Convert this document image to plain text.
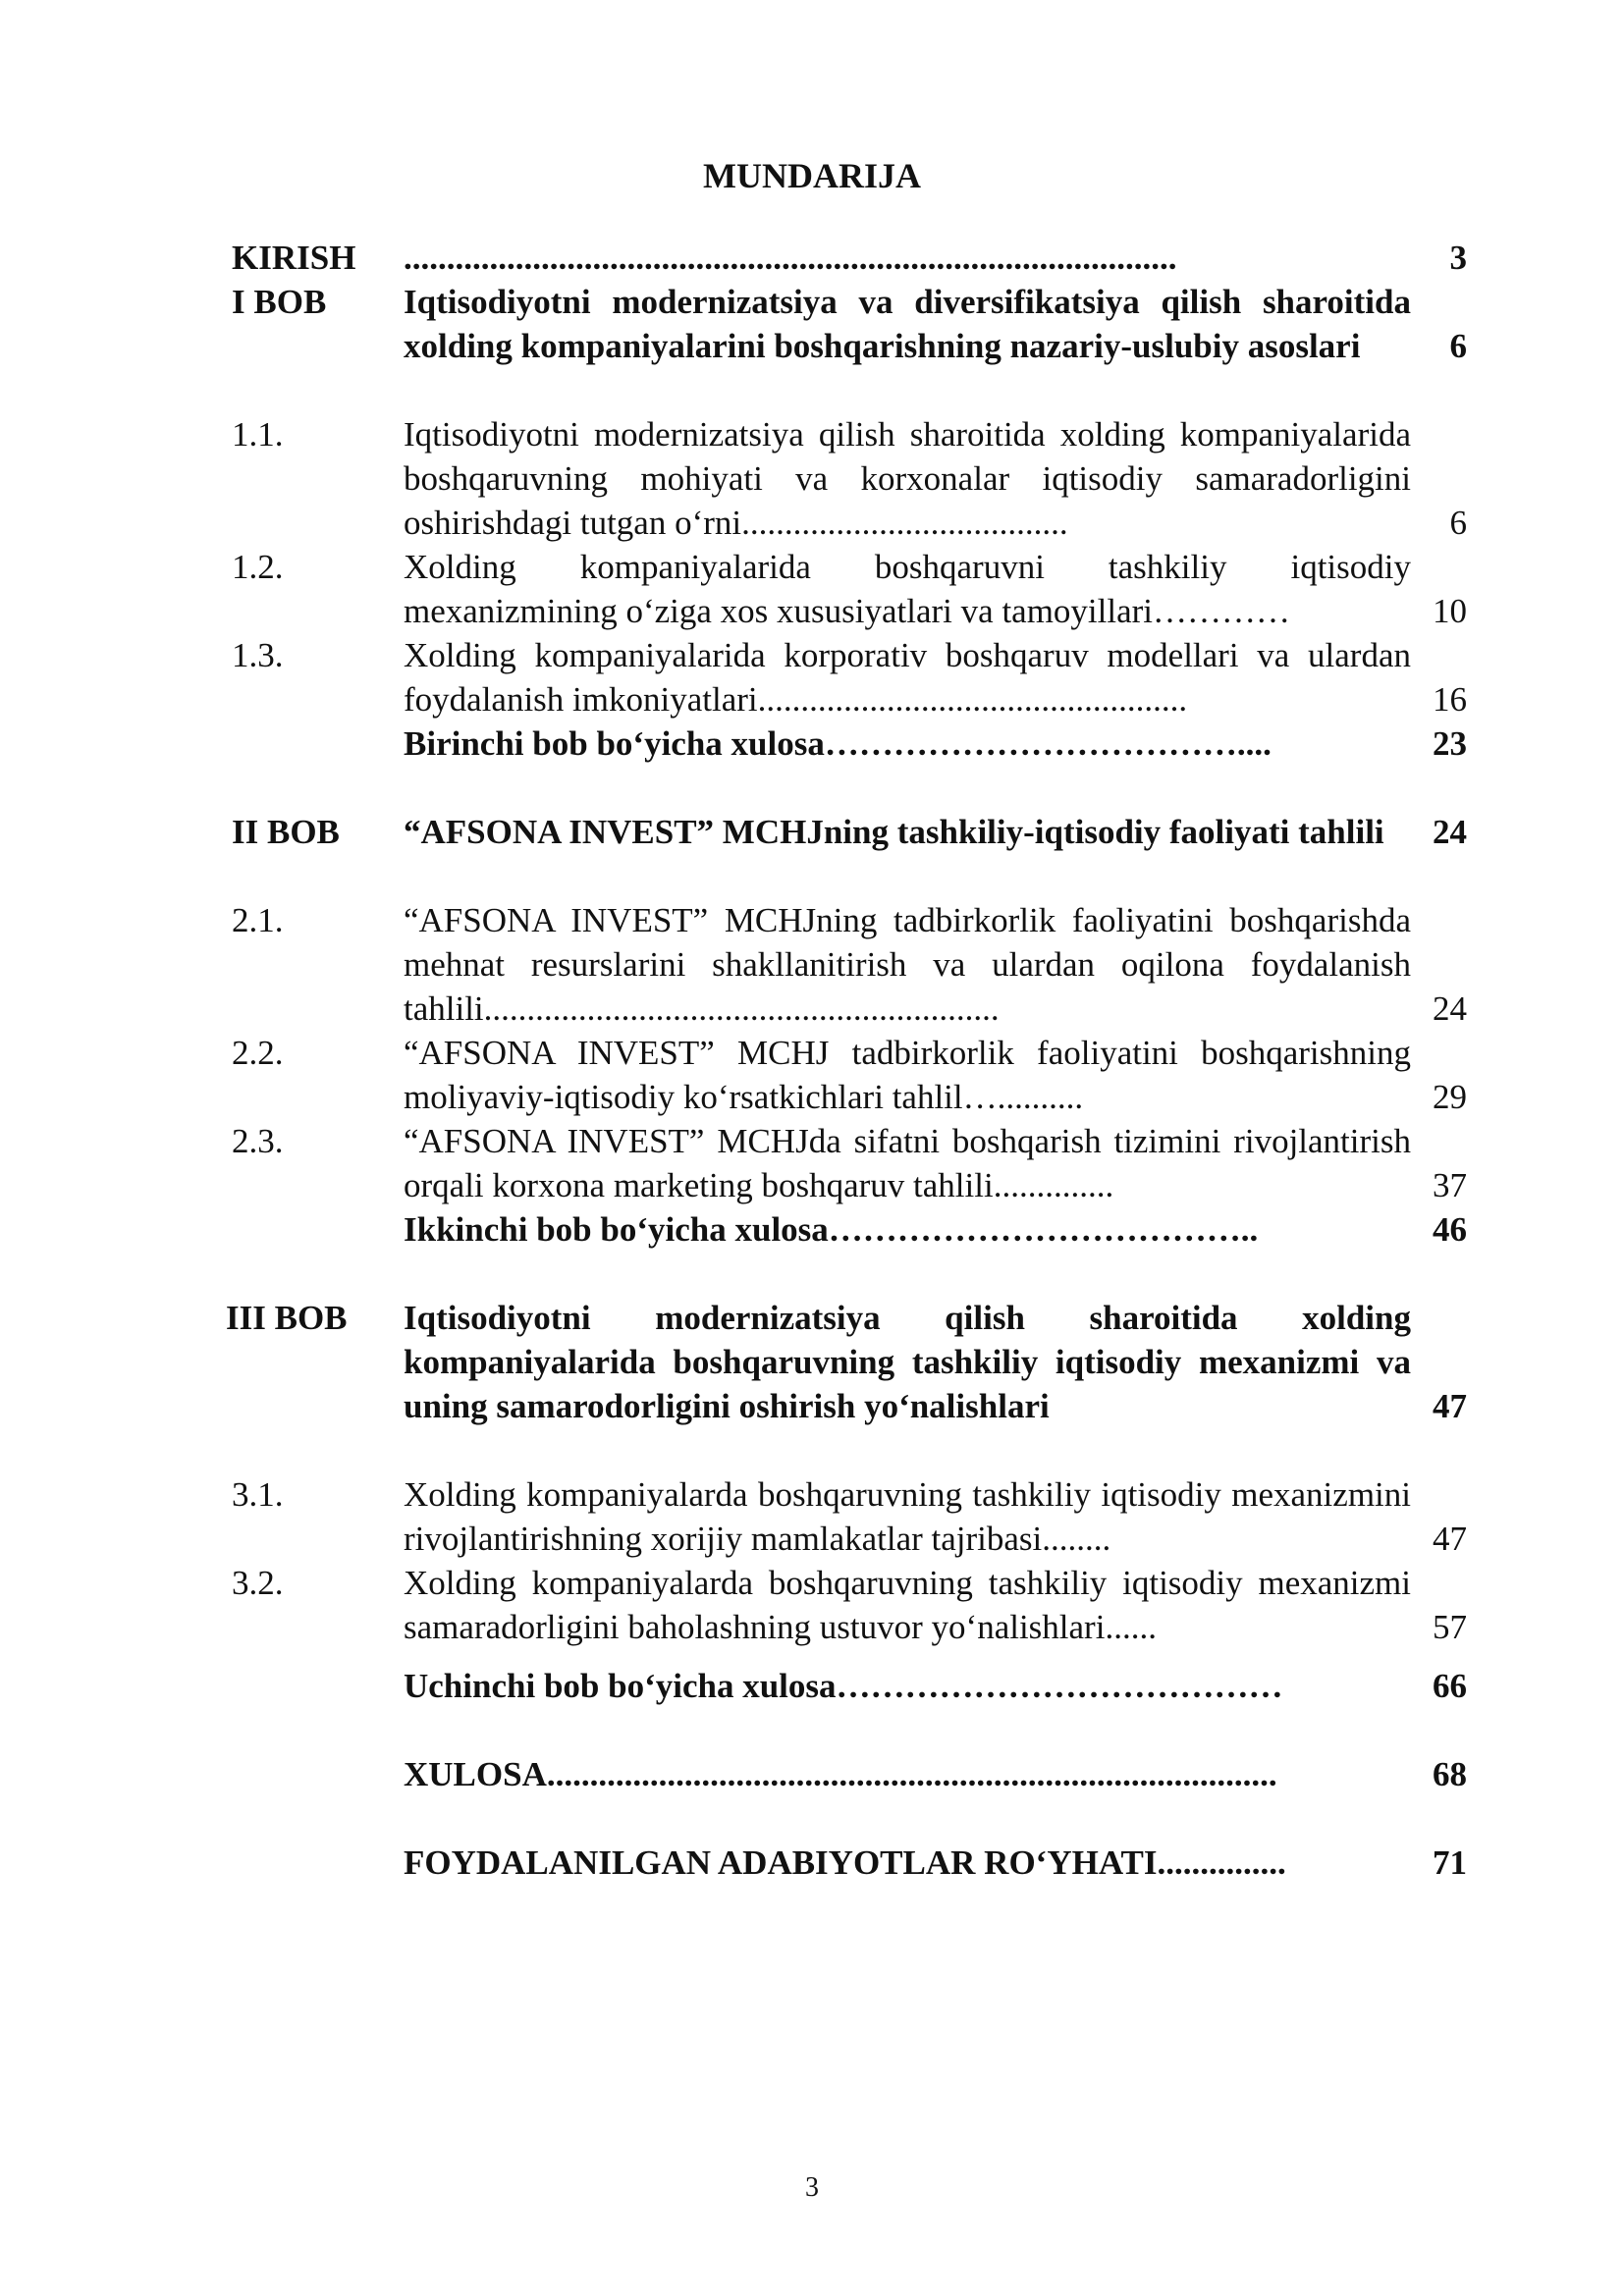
MUNDARIJA
KIRISH	..........................................................................................	3
I BOB	Iqtisodiyotni modernizatsiya va diversifikatsiya qilish sharoitida xolding kompaniyalarini boshqarishning nazariy-uslubiy asoslari	6
1.1.	Iqtisodiyotni modernizatsiya qilish sharoitida xolding kompaniyalarida boshqaruvning mohiyati va korxonalar iqtisodiy samaradorligini oshirishdagi tutgan o‘rni......................................	6
1.2.	Xolding kompaniyalarida boshqaruvni tashkiliy iqtisodiy mexanizmining o‘ziga xos xususiyatlari va tamoyillari…………	10
1.3.	Xolding kompaniyalarida korporativ boshqaruv modellari va ulardan foydalanish imkoniyatlari..................................................	16
Birinchi bob bo‘yicha xulosa………………………………....	23
II BOB	“AFSONA INVEST” MCHJning tashkiliy-iqtisodiy faoliyati tahlili	24
2.1.	“AFSONA INVEST” MCHJning tadbirkorlik faoliyatini boshqarishda mehnat resurslarini shakllanitirish va ulardan oqilona foydalanish tahlili............................................................	24
2.2.	“AFSONA INVEST” MCHJ tadbirkorlik faoliyatini boshqarishning moliyaviy-iqtisodiy ko‘rsatkichlari tahlil…..........	29
2.3.	“AFSONA INVEST” MCHJda sifatni boshqarish tizimini rivojlantirish orqali korxona marketing boshqaruv tahlili..............	37
Ikkinchi bob bo‘yicha xulosa………………………………..	46
III BOB	Iqtisodiyotni modernizatsiya qilish sharoitida xolding kompaniyalarida boshqaruvning tashkiliy iqtisodiy mexanizmi va uning samarodorligini oshirish yo‘nalishlari	47
3.1.	Xolding kompaniyalarda boshqaruvning tashkiliy iqtisodiy mexanizmini rivojlantirishning xorijiy mamlakatlar tajribasi........	47
3.2.	Xolding kompaniyalarda boshqaruvning tashkiliy iqtisodiy mexanizmi samaradorligini baholashning ustuvor yo‘nalishlari......	57
Uchinchi bob bo‘yicha xulosa…………………………………	66
XULOSA.....................................................................................	68
FOYDALANILGAN ADABIYOTLAR RO‘YHATI...............	71
3
